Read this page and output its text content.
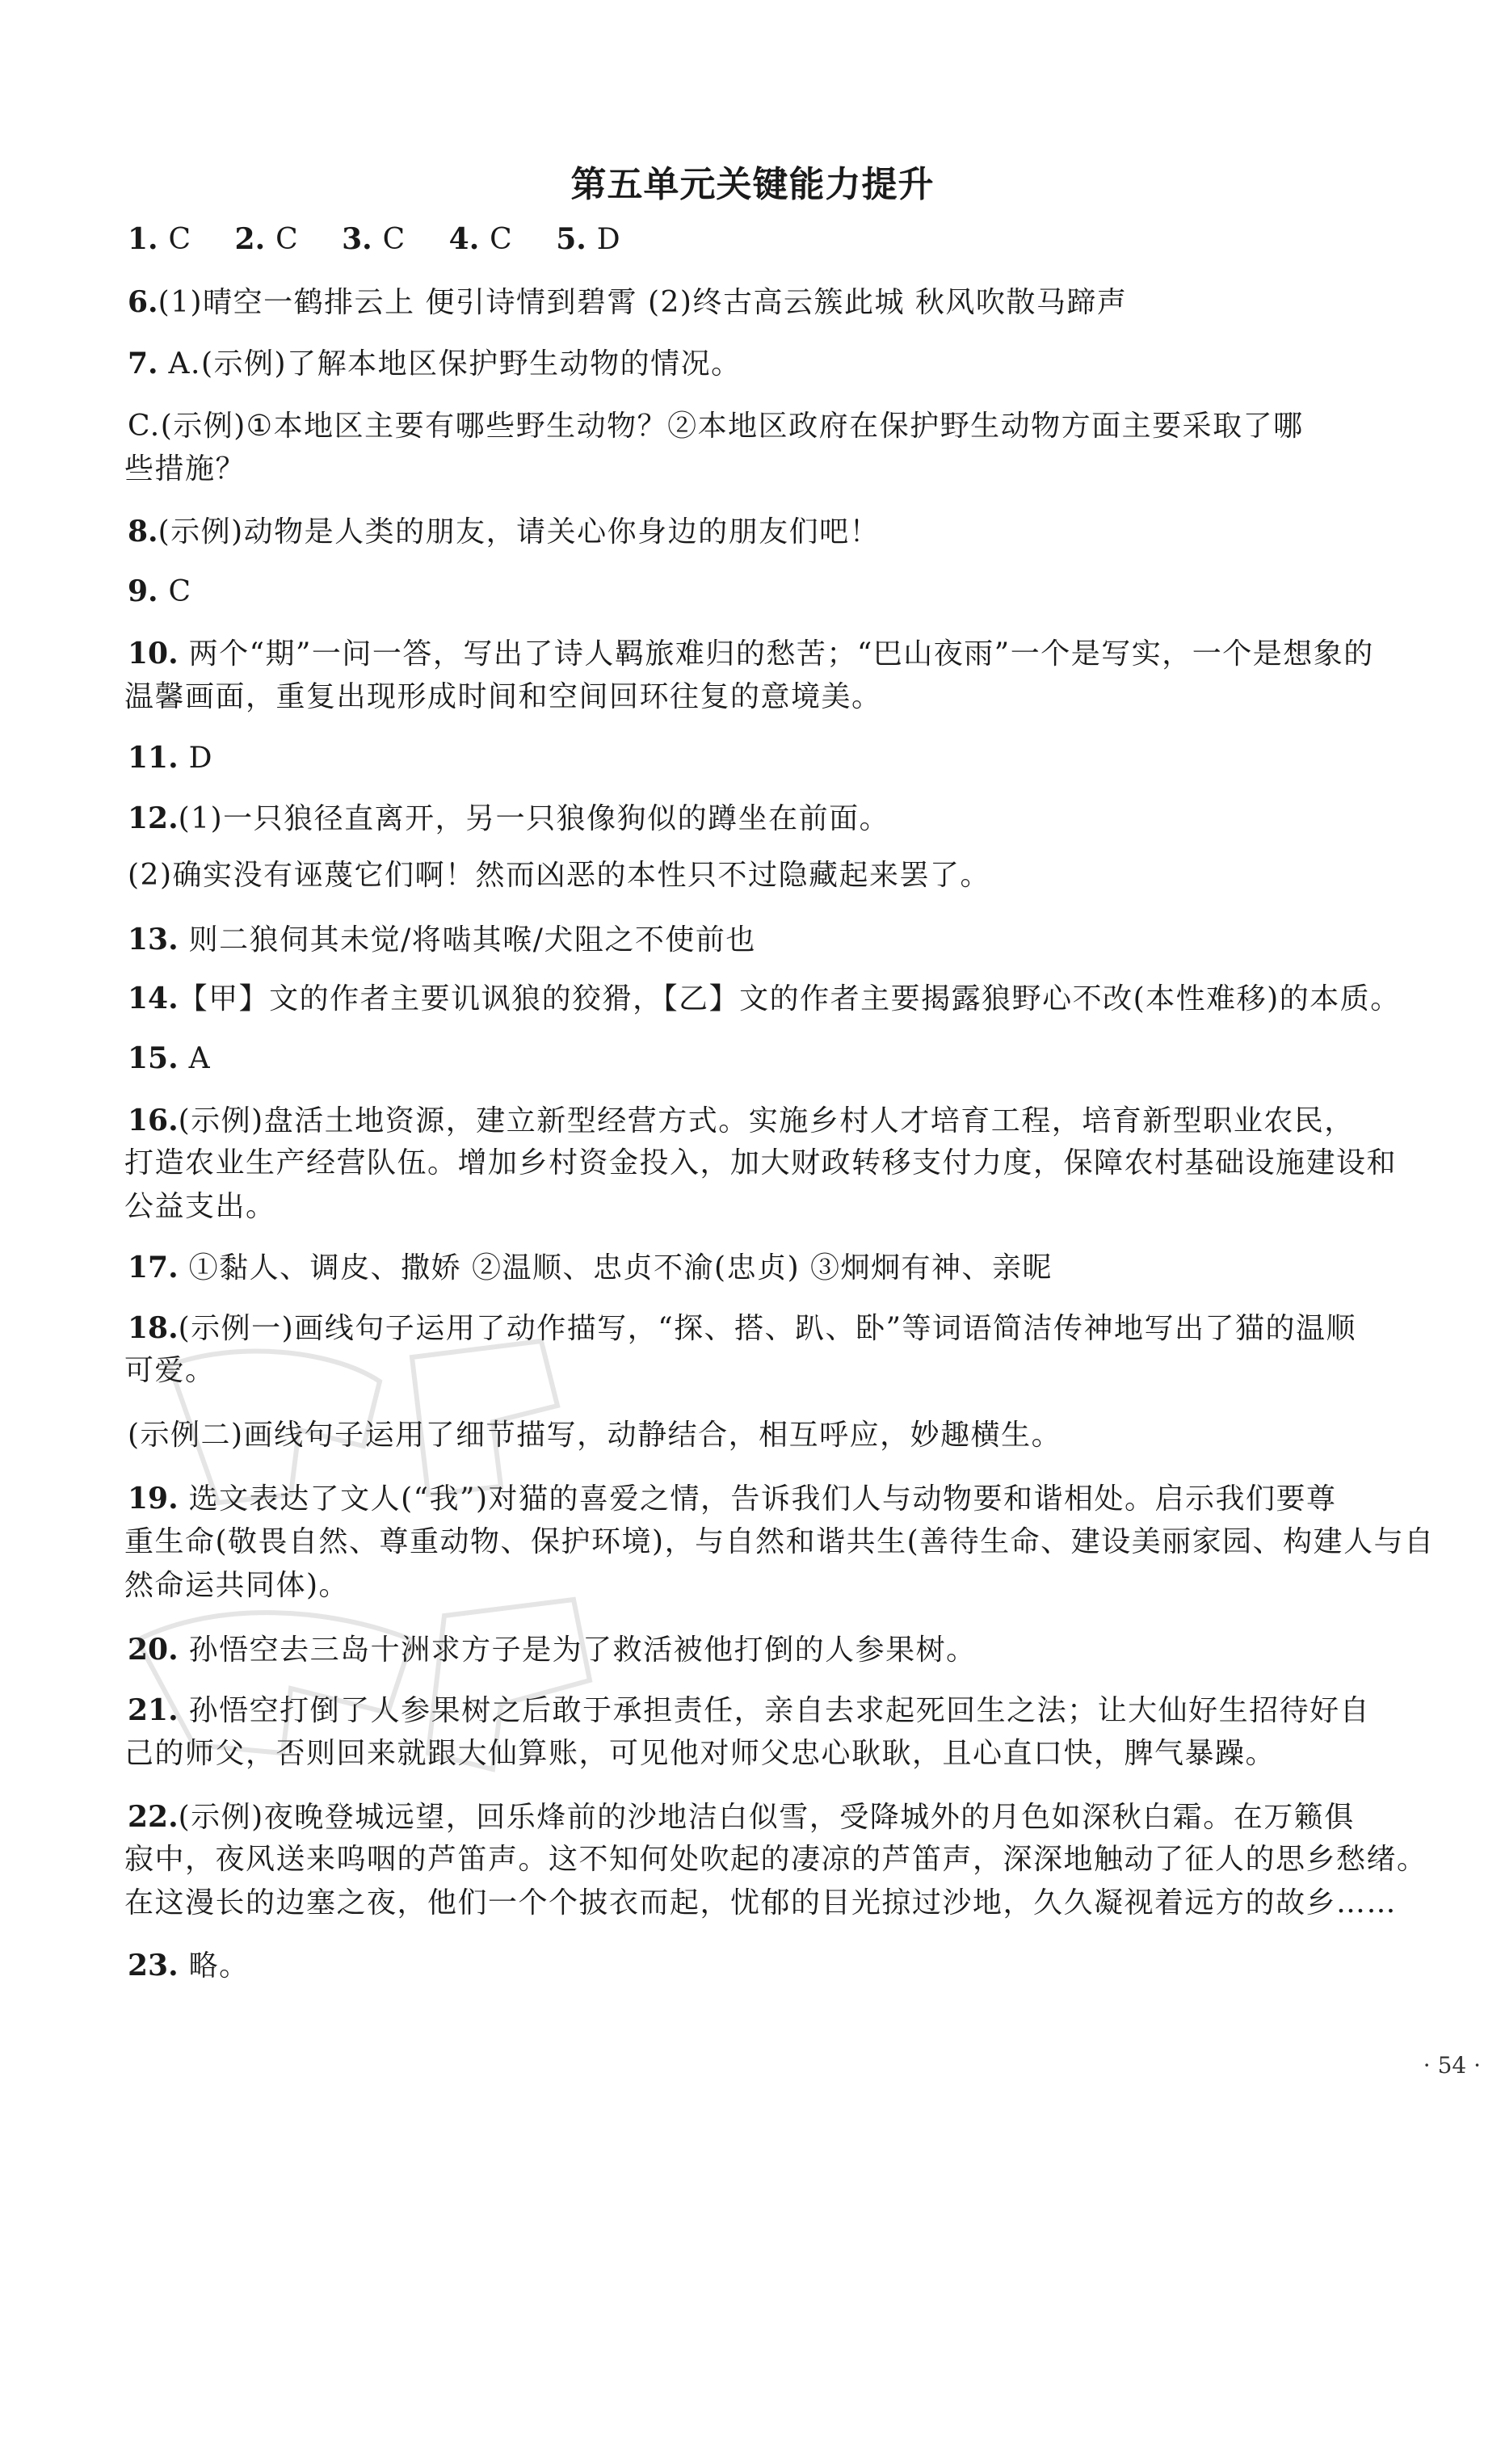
第五单元关键能力提升
1. C 2. C 3. C 4. C 5. D
6.(1)晴空一鹤排云上 便引诗情到碧霄 (2)终古高云簇此城 秋风吹散马蹄声
7. A.(示例)了解本地区保护野生动物的情况。
C.(示例)①本地区主要有哪些野生动物？②本地区政府在保护野生动物方面主要采取了哪
些措施？
8.(示例)动物是人类的朋友，请关心你身边的朋友们吧！
9. C
10. 两个“期”一问一答，写出了诗人羁旅难归的愁苦；“巴山夜雨”一个是写实，一个是想象的
温馨画面，重复出现形成时间和空间回环往复的意境美。
11. D
12.(1)一只狼径直离开，另一只狼像狗似的蹲坐在前面。
(2)确实没有诬蔑它们啊！然而凶恶的本性只不过隐藏起来罢了。
13. 则二狼伺其未觉/将啮其喉/犬阻之不使前也
14.【甲】文的作者主要讥讽狼的狡猾，【乙】文的作者主要揭露狼野心不改(本性难移)的本质。
15. A
16.(示例)盘活土地资源，建立新型经营方式。实施乡村人才培育工程，培育新型职业农民，
打造农业生产经营队伍。增加乡村资金投入，加大财政转移支付力度，保障农村基础设施建设和
公益支出。
17. ①黏人、调皮、撒娇 ②温顺、忠贞不渝(忠贞) ③炯炯有神、亲昵
18.(示例一)画线句子运用了动作描写，“探、搭、趴、卧”等词语简洁传神地写出了猫的温顺
可爱。
(示例二)画线句子运用了细节描写，动静结合，相互呼应，妙趣横生。
19. 选文表达了文人(“我”)对猫的喜爱之情，告诉我们人与动物要和谐相处。启示我们要尊
重生命(敬畏自然、尊重动物、保护环境)，与自然和谐共生(善待生命、建设美丽家园、构建人与自
然命运共同体)。
20. 孙悟空去三岛十洲求方子是为了救活被他打倒的人参果树。
21. 孙悟空打倒了人参果树之后敢于承担责任，亲自去求起死回生之法；让大仙好生招待好自
己的师父，否则回来就跟大仙算账，可见他对师父忠心耿耿，且心直口快，脾气暴躁。
22.(示例)夜晚登城远望，回乐烽前的沙地洁白似雪，受降城外的月色如深秋白霜。在万籁俱
寂中，夜风送来呜咽的芦笛声。这不知何处吹起的凄凉的芦笛声，深深地触动了征人的思乡愁绪。
在这漫长的边塞之夜，他们一个个披衣而起，忧郁的目光掠过沙地，久久凝视着远方的故乡……
23. 略。
· 54 ·
